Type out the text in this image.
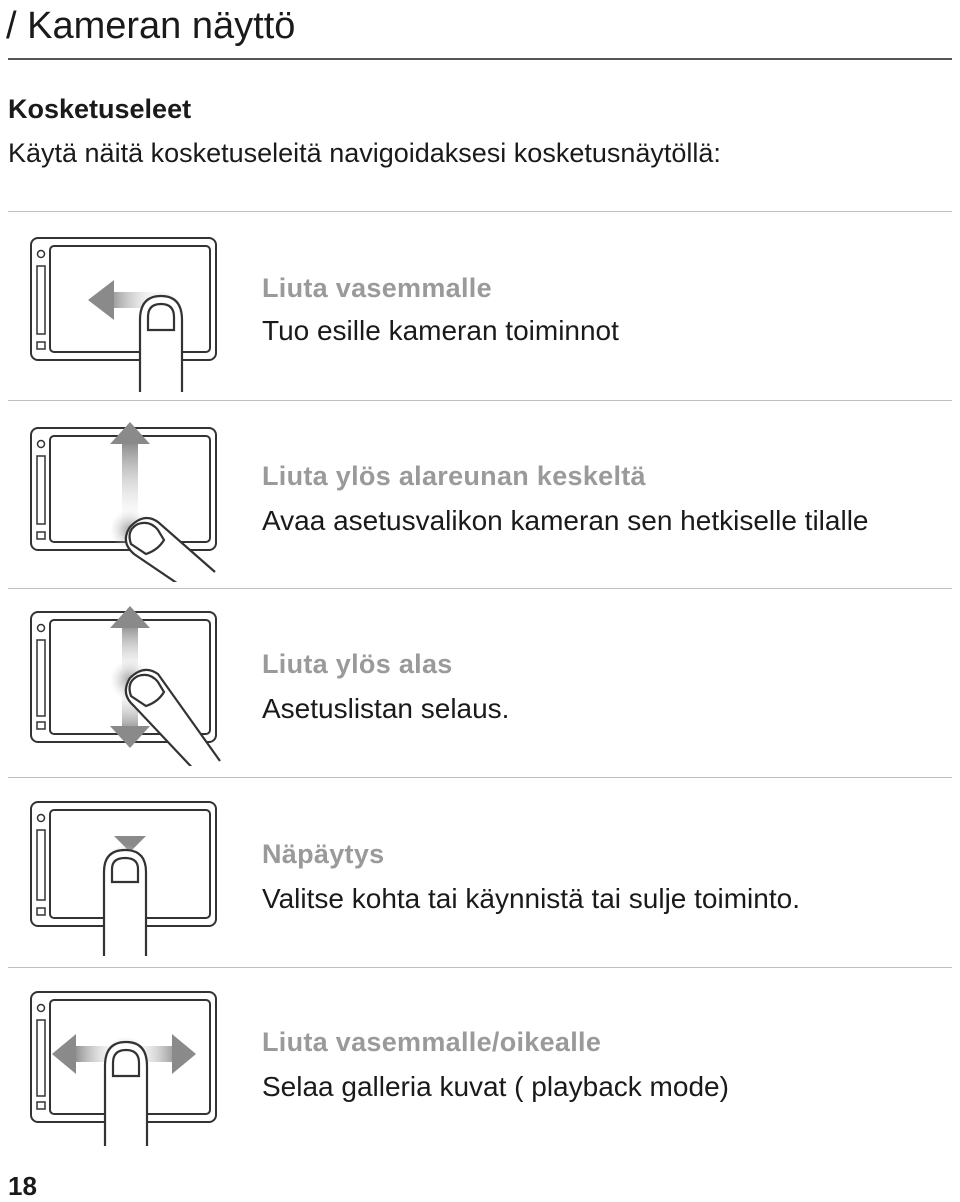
/ Kameran näyttö
Kosketuseleet

Käytä näitä kosketuseleitä navigoidaksesi kosketusnäytöllä:

Liuta vasemmalle

Tuo esille kameran toiminnot

Liuta ylös alareunan keskeltä

Avaa asetusvalikon kameran sen hetkiselle tilalle

Liuta ylös alas

Asetuslistan selaus.

Näpäytys

Valitse kohta tai käynnistä tai sulje toiminto.

Liuta vasemmalle/oikealle

Selaa galleria kuvat ( playback mode)

18
